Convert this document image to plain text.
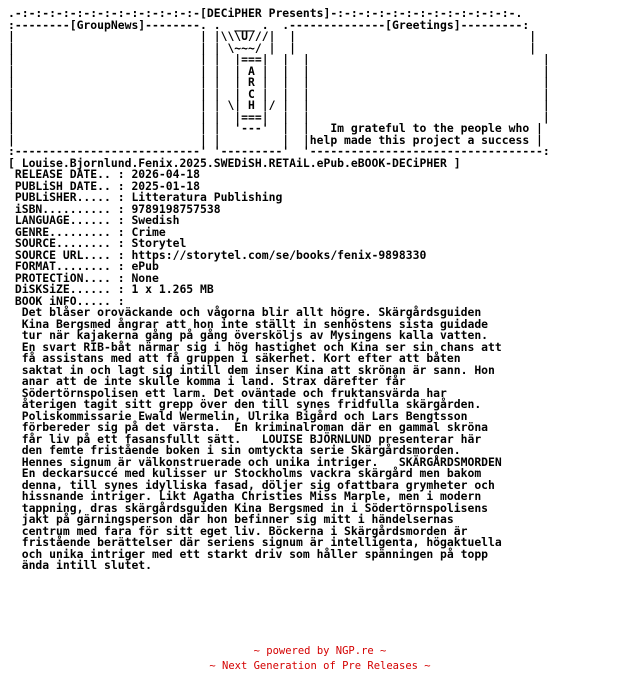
.-:-:-:-:-:-:-:-:-:-:-:-:-:-[DECiPHER Presents]-:-:-:-:-:-:-:-:-:-:-:-:-:-.
:--------[GroupNews]--------. .  ___ .  .--------------[Greetings]---------:
|                           | |\\\U///|  |                                  |
|                           | | \~~~/ |  |                                  |
|                           | |  |===|  |  |                                  |
|                           | |  | A |  |  |                                  |
|                           | |  | R |  |  |                                  |
|                           | |  | C |  |  |                                  |
|                           | | \| H |/ |  |                                  |
|                           | |  |===|  |  |                                  |
|                           | |  '---'  |  |   Im grateful to the people who |
|                           | |         |  |help made this project a success |
:---------------------------' '---------'  '----------------------------------:
[ Louise.Bjornlund.Fenix.2025.SWEDiSH.RETAiL.ePub.eBOOK-DECiPHER ]
RELEASE DATE.. : 2026-04-18
PUBLiSH DATE.. : 2025-01-18
PUBLiSHER..... : Litteratura Publishing
iSBN.......... : 9789198757538
LANGUAGE...... : Swedish
GENRE......... : Crime
SOURCE........ : Storytel
SOURCE URL.... : https://storytel.com/se/books/fenix-9898330
FORMAT........ : ePub
PROTECTiON.... : None
DiSKSiZE...... : 1 x 1.265 MB
BOOK iNFO..... :
Det blåser oroväckande och vågorna blir allt högre. Skärgårdsguiden
Kina Bergsmed ångrar att hon inte ställt in senhöstens sista guidade
tur när kajakerna gång på gång översköljs av Mysingens kalla vatten.
En svart RIB-båt närmar sig i hög hastighet och Kina ser sin chans att
få assistans med att få gruppen i säkerhet. Kort efter att båten
saktat in och lagt sig intill dem inser Kina att skrönan är sann. Hon
anar att de inte skulle komma i land. Strax därefter får
Södertörnspolisen ett larm. Det oväntade och fruktansvärda har
återigen tagit sitt grepp över den till synes fridfulla skärgården.
Poliskommissarie Ewald Wermelin, Ulrika Bigård och Lars Bengtsson
förbereder sig på det värsta.  En kriminalroman där en gammal skröna
får liv på ett fasansfullt sätt.   LOUISE BJÖRNLUND presenterar här
den femte fristående boken i sin omtyckta serie Skärgårdsmorden.
Hennes signum är välkonstruerade och unika intriger.   SKÄRGÅRDSMORDEN
En deckarsuccé med kulisser ur Stockholms vackra skärgård men bakom
denna, till synes idylliska fasad, döljer sig ofattbara grymheter och
hissnande intriger. Likt Agatha Christies Miss Marple, men i modern
tappning, dras skärgårdsguiden Kina Bergsmed in i Södertörnspolisens
jakt på gärningsperson där hon befinner sig mitt i händelsernas
centrum med fara för sitt eget liv. Böckerna i Skärgårdsmorden är
fristående berättelser där seriens signum är intelligenta, högaktuella
och unika intriger med ett starkt driv som håller spänningen på topp
ända intill slutet.
~ powered by NGP.re ~
~ Next Generation of Pre Releases ~
